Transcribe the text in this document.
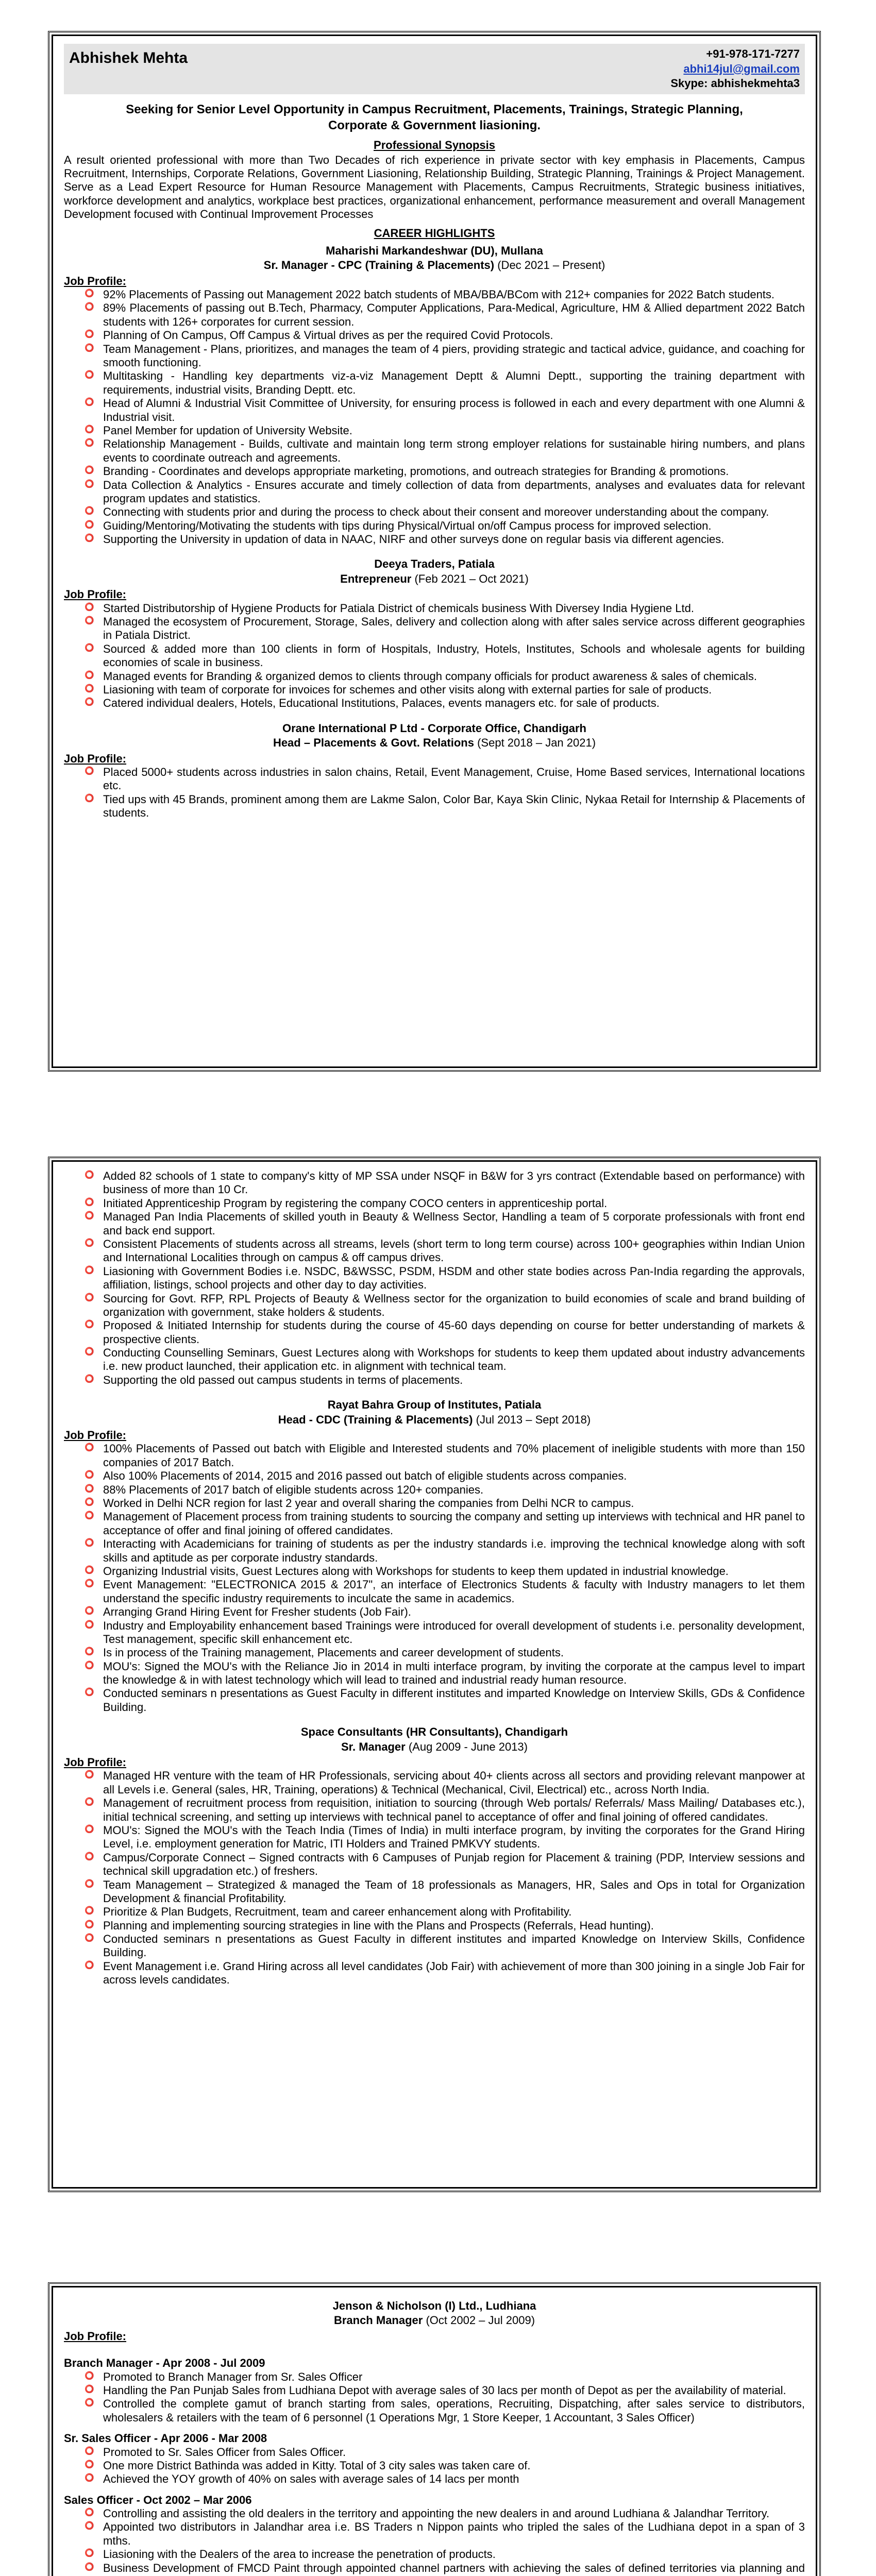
Abhishek Mehta	+91-978-171-7277
abhi14jul@gmail.com
Skype: abhishekmehta3
Seeking for Senior Level Opportunity in Campus Recruitment, Placements, Trainings, Strategic Planning, Corporate & Government liasioning.
Professional Synopsis

A result oriented professional with more than Two Decades of rich experience in private sector with key emphasis in Placements, Campus Recruitment, Internships, Corporate Relations, Government Liasioning, Relationship Building, Strategic Planning, Trainings & Project Management. Serve as a Lead Expert Resource for Human Resource Management with Placements, Campus Recruitments, Strategic business initiatives, workforce development and analytics, workplace best practices, organizational enhancement, performance measurement and overall Management Development focused with Continual Improvement Processes

CAREER HIGHLIGHTS
Maharishi Markandeshwar (DU), Mullana
Sr. Manager - CPC (Training & Placements) (Dec 2021 – Present)
Job Profile:
⭕ 92% Placements of Passing out Management 2022 batch students of MBA/BBA/BCom with 212+ companies for 2022 Batch students.
⭕ 89% Placements of passing out B.Tech, Pharmacy, Computer Applications, Para-Medical, Agriculture, HM & Allied department 2022 Batch students with 126+ corporates for current session.
⭕ Planning of On Campus, Off Campus & Virtual drives as per the required Covid Protocols.
⭕ Team Management - Plans, prioritizes, and manages the team of 4 piers, providing strategic and tactical advice, guidance, and coaching for smooth functioning.
⭕ Multitasking - Handling key departments viz-a-viz Management Deptt & Alumni Deptt., supporting the training department with requirements, industrial visits, Branding Deptt. etc.
⭕ Head of Alumni & Industrial Visit Committee of University, for ensuring process is followed in each and every department with one Alumni & Industrial visit.
⭕ Panel Member for updation of University Website.
⭕ Relationship Management - Builds, cultivate and maintain long term strong employer relations for sustainable hiring numbers, and plans events to coordinate outreach and agreements.
⭕ Branding - Coordinates and develops appropriate marketing, promotions, and outreach strategies for Branding & promotions.
⭕ Data Collection & Analytics - Ensures accurate and timely collection of data from departments, analyses and evaluates data for relevant program updates and statistics.
⭕ Connecting with students prior and during the process to check about their consent and moreover understanding about the company.
⭕ Guiding/Mentoring/Motivating the students with tips during Physical/Virtual on/off Campus process for improved selection.
⭕ Supporting the University in updation of data in NAAC, NIRF and other surveys done on regular basis via different agencies.
Deeya Traders, Patiala
Entrepreneur (Feb 2021 – Oct 2021)
Job Profile:
⭕ Started Distributorship of Hygiene Products for Patiala District of chemicals business With Diversey India Hygiene Ltd.
⭕ Managed the ecosystem of Procurement, Storage, Sales, delivery and collection along with after sales service across different geographies in Patiala District.
⭕ Sourced & added more than 100 clients in form of Hospitals, Industry, Hotels, Institutes, Schools and wholesale agents for building economies of scale in business.
⭕ Managed events for Branding & organized demos to clients through company officials for product awareness & sales of chemicals.
⭕ Liasioning with team of corporate for invoices for schemes and other visits along with external parties for sale of products.
⭕ Catered individual dealers, Hotels, Educational Institutions, Palaces, events managers etc. for sale of products.
Orane International P Ltd - Corporate Office, Chandigarh
Head – Placements & Govt. Relations (Sept 2018 – Jan 2021)
Job Profile:
⭕ Placed 5000+ students across industries in salon chains, Retail, Event Management, Cruise, Home Based services, International locations etc.
⭕ Tied ups with 45 Brands, prominent among them are Lakme Salon, Color Bar, Kaya Skin Clinic, Nykaa Retail for Internship & Placements of students.
⭕ Added 82 schools of 1 state to company's kitty of MP SSA under NSQF in B&W for 3 yrs contract (Extendable based on performance) with business of more than 10 Cr.
⭕ Initiated Apprenticeship Program by registering the company COCO centers in apprenticeship portal.
⭕ Managed Pan India Placements of skilled youth in Beauty & Wellness Sector, Handling a team of 5 corporate professionals with front end and back end support.
⭕ Consistent Placements of students across all streams, levels (short term to long term course) across 100+ geographies within Indian Union and International Localities through on campus & off campus drives.
⭕ Liasioning with Government Bodies i.e. NSDC, B&WSSC, PSDM, HSDM and other state bodies across Pan-India regarding the approvals, affiliation, listings, school projects and other day to day activities.
⭕ Sourcing for Govt. RFP, RPL Projects of Beauty & Wellness sector for the organization to build economies of scale and brand building of organization with government, stake holders & students.
⭕ Proposed & Initiated Internship for students during the course of 45-60 days depending on course for better understanding of markets & prospective clients.
⭕ Conducting Counselling Seminars, Guest Lectures along with Workshops for students to keep them updated about industry advancements i.e. new product launched, their application etc. in alignment with technical team.
⭕ Supporting the old passed out campus students in terms of placements.
Rayat Bahra Group of Institutes, Patiala
Head - CDC (Training & Placements) (Jul 2013 – Sept 2018)
Job Profile:
⭕ 100% Placements of Passed out batch with Eligible and Interested students and 70% placement of ineligible students with more than 150 companies of 2017 Batch.
⭕ Also 100% Placements of 2014, 2015 and 2016 passed out batch of eligible students across companies.
⭕ 88% Placements of 2017 batch of eligible students across 120+ companies.
⭕ Worked in Delhi NCR region for last 2 year and overall sharing the companies from Delhi NCR to campus.
⭕ Management of Placement process from training students to sourcing the company and setting up interviews with technical and HR panel to acceptance of offer and final joining of offered candidates.
⭕ Interacting with Academicians for training of students as per the industry standards i.e. improving the technical knowledge along with soft skills and aptitude as per corporate industry standards.
⭕ Organizing Industrial visits, Guest Lectures along with Workshops for students to keep them updated in industrial knowledge.
⭕ Event Management: "ELECTRONICA 2015 & 2017", an interface of Electronics Students & faculty with Industry managers to let them understand the specific industry requirements to inculcate the same in academics.
⭕ Arranging Grand Hiring Event for Fresher students (Job Fair).
⭕ Industry and Employability enhancement based Trainings were introduced for overall development of students i.e. personality development, Test management, specific skill enhancement etc.
⭕ Is in process of the Training management, Placements and career development of students.
⭕ MOU's: Signed the MOU's with the Reliance Jio in 2014 in multi interface program, by inviting the corporate at the campus level to impart the knowledge & in with latest technology which will lead to trained and industrial ready human resource.
⭕ Conducted seminars n presentations as Guest Faculty in different institutes and imparted Knowledge on Interview Skills, GDs & Confidence Building.
Space Consultants (HR Consultants), Chandigarh
Sr. Manager (Aug 2009 - June 2013)
Job Profile:
⭕ Managed HR venture with the team of HR Professionals, servicing about 40+ clients across all sectors and providing relevant manpower at all Levels i.e. General (sales, HR, Training, operations) & Technical (Mechanical, Civil, Electrical) etc., across North India.
⭕ Management of recruitment process from requisition, initiation to sourcing (through Web portals/ Referrals/ Mass Mailing/ Databases etc.), initial technical screening, and setting up interviews with technical panel to acceptance of offer and final joining of offered candidates.
⭕ MOU's: Signed the MOU's with the Teach India (Times of India) in multi interface program, by inviting the corporates for the Grand Hiring Level, i.e. employment generation for Matric, ITI Holders and Trained PMKVY students.
⭕ Campus/Corporate Connect – Signed contracts with 6 Campuses of Punjab region for Placement & training (PDP, Interview sessions and technical skill upgradation etc.) of freshers.
⭕ Team Management – Strategized & managed the Team of 18 professionals as Managers, HR, Sales and Ops in total for Organization Development & financial Profitability.
⭕ Prioritize & Plan Budgets, Recruitment, team and career enhancement along with Profitability.
⭕ Planning and implementing sourcing strategies in line with the Plans and Prospects (Referrals, Head hunting).
⭕ Conducted seminars n presentations as Guest Faculty in different institutes and imparted Knowledge on Interview Skills, Confidence Building.
⭕ Event Management i.e. Grand Hiring across all level candidates (Job Fair) with achievement of more than 300 joining in a single Job Fair for across levels candidates.
Jenson & Nicholson (I) Ltd., Ludhiana
Branch Manager (Oct 2002 – Jul 2009)
Job Profile:
Branch Manager - Apr 2008 - Jul 2009
⭕ Promoted to Branch Manager from Sr. Sales Officer
⭕ Handling the Pan Punjab Sales from Ludhiana Depot with average sales of 30 lacs per month of Depot as per the availability of material.
⭕ Controlled the complete gamut of branch starting from sales, operations, Recruiting, Dispatching, after sales service to distributors, wholesalers & retailers with the team of 6 personnel (1 Operations Mgr, 1 Store Keeper, 1 Accountant, 3 Sales Officer)
Sr. Sales Officer - Apr 2006 - Mar 2008
⭕ Promoted to Sr. Sales Officer from Sales Officer.
⭕ One more District Bathinda was added in Kitty. Total of 3 city sales was taken care of.
⭕ Achieved the YOY growth of 40% on sales with average sales of 14 lacs per month
Sales Officer - Oct 2002 – Mar 2006
⭕ Controlling and assisting the old dealers in the territory and appointing the new dealers in and around Ludhiana & Jalandhar Territory.
⭕ Appointed two distributors in Jalandhar area i.e. BS Traders n Nippon paints who tripled the sales of the Ludhiana depot in a span of 3 mths.
⭕ Liasioning with the Dealers of the area to increase the penetration of products.
⭕ Business Development of FMCD Paint through appointed channel partners with achieving the sales of defined territories via planning and
